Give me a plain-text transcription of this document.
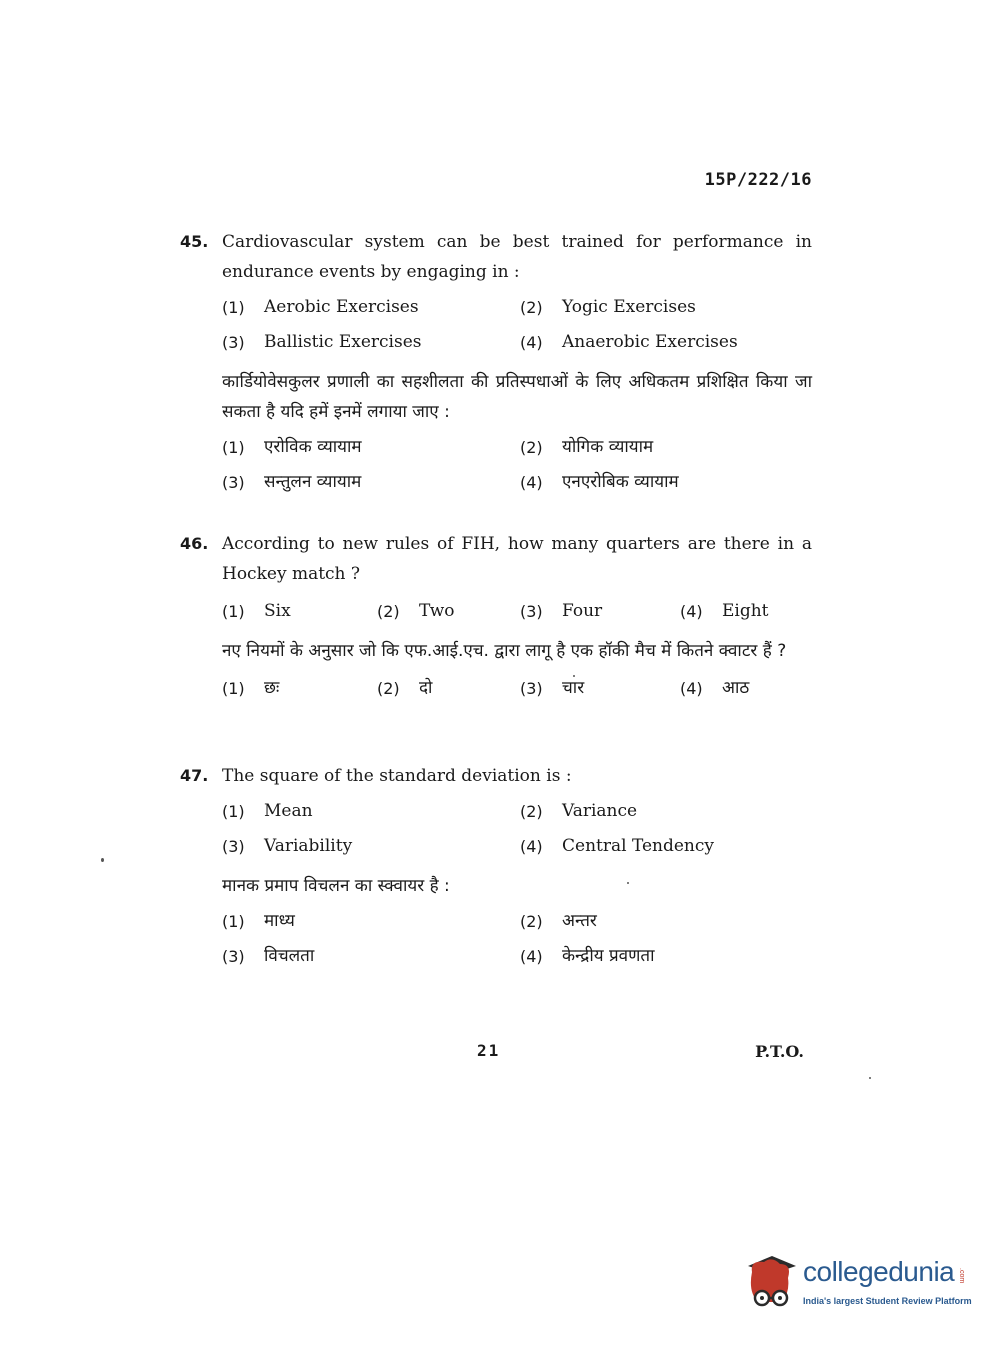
15P/222/16
45. Cardiovascular system can be best trained for performance in endurance events by engaging in :
(1)	Aerobic Exercises	(2)	Yogic Exercises
(3)	Ballistic Exercises	(4)	Anaerobic Exercises
कार्डियोवेसकुलर प्रणाली का सहशीलता की प्रतिस्पधाओं के लिए अधिकतम प्रशिक्षित किया जा सकता है यदि हमें इनमें लगाया जाए :
(1)	एरोविक व्यायाम	(2)	योगिक व्यायाम
(3)	सन्तुलन व्यायाम	(4)	एनएरोबिक व्यायाम
46. According to new rules of FIH, how many quarters are there in a Hockey match ?
(1)	Six	(2)	Two	(3)	Four	(4)	Eight
नए नियमों के अनुसार जो कि एफ.आई.एच. द्वारा लागू है एक हॉकी मैच में कितने क्वाटर हैं ?
(1)	छः	(2)	दो	(3)	चार	(4)	आठ
47. The square of the standard deviation is :
(1)	Mean	(2)	Variance
(3)	Variability	(4)	Central Tendency
मानक प्रमाप विचलन का स्क्वायर है :
(1)	माध्य	(2)	अन्तर
(3)	विचलता	(4)	केन्द्रीय प्रवणता
21	P.T.O.
collegedunia .com
India's largest Student Review Platform
